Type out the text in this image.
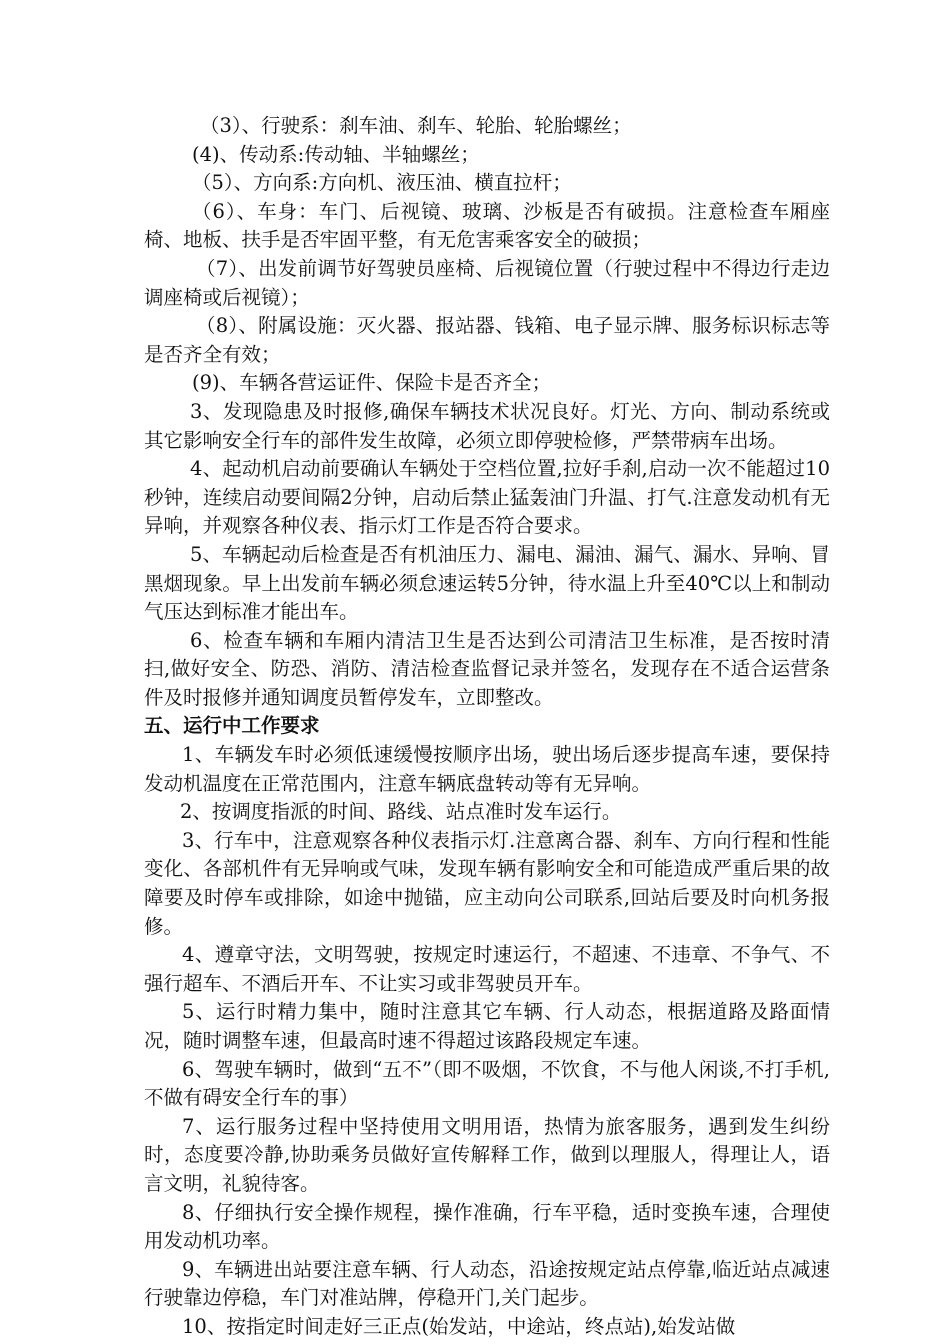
（3）、行驶系：刹车油、刹车、轮胎、轮胎螺丝；

(4)、传动系:传动轴、半轴螺丝；

（5）、方向系:方向机、液压油、横直拉杆；

（6）、车身：车门、后视镜、玻璃、沙板是否有破损。注意检查车厢座椅、地板、扶手是否牢固平整，有无危害乘客安全的破损；

（7）、出发前调节好驾驶员座椅、后视镜位置（行驶过程中不得边行走边调座椅或后视镜）；

（8）、附属设施：灭火器、报站器、钱箱、电子显示牌、服务标识标志等是否齐全有效；

(9)、车辆各营运证件、保险卡是否齐全；

3、发现隐患及时报修,确保车辆技术状况良好。灯光、方向、制动系统或其它影响安全行车的部件发生故障，必须立即停驶检修，严禁带病车出场。

4、起动机启动前要确认车辆处于空档位置,拉好手刹,启动一次不能超过10秒钟，连续启动要间隔2分钟，启动后禁止猛轰油门升温、打气.注意发动机有无异响，并观察各种仪表、指示灯工作是否符合要求。

5、车辆起动后检查是否有机油压力、漏电、漏油、漏气、漏水、异响、冒黑烟现象。早上出发前车辆必须怠速运转5分钟，待水温上升至40℃以上和制动气压达到标准才能出车。

6、检查车辆和车厢内清洁卫生是否达到公司清洁卫生标准，是否按时清扫,做好安全、防恐、消防、清洁检查监督记录并签名，发现存在不适合运营条件及时报修并通知调度员暂停发车，立即整改。

五、运行中工作要求

1、车辆发车时必须低速缓慢按顺序出场，驶出场后逐步提高车速，要保持发动机温度在正常范围内，注意车辆底盘转动等有无异响。

2、按调度指派的时间、路线、站点准时发车运行。

3、行车中，注意观察各种仪表指示灯.注意离合器、刹车、方向行程和性能变化、各部机件有无异响或气味，发现车辆有影响安全和可能造成严重后果的故障要及时停车或排除，如途中抛锚，应主动向公司联系,回站后要及时向机务报修。

4、遵章守法，文明驾驶，按规定时速运行，不超速、不违章、不争气、不强行超车、不酒后开车、不让实习或非驾驶员开车。

5、运行时精力集中，随时注意其它车辆、行人动态，根据道路及路面情况，随时调整车速，但最高时速不得超过该路段规定车速。

6、驾驶车辆时，做到“五不”（即不吸烟，不饮食，不与他人闲谈,不打手机,不做有碍安全行车的事）

7、运行服务过程中坚持使用文明用语，热情为旅客服务，遇到发生纠纷时，态度要冷静,协助乘务员做好宣传解释工作，做到以理服人，得理让人，语言文明，礼貌待客。

8、仔细执行安全操作规程，操作准确，行车平稳，适时变换车速，合理使用发动机功率。

9、车辆进出站要注意车辆、行人动态，沿途按规定站点停靠,临近站点减速行驶靠边停稳，车门对准站牌，停稳开门,关门起步。

10、按指定时间走好三正点(始发站，中途站，终点站),始发站做
